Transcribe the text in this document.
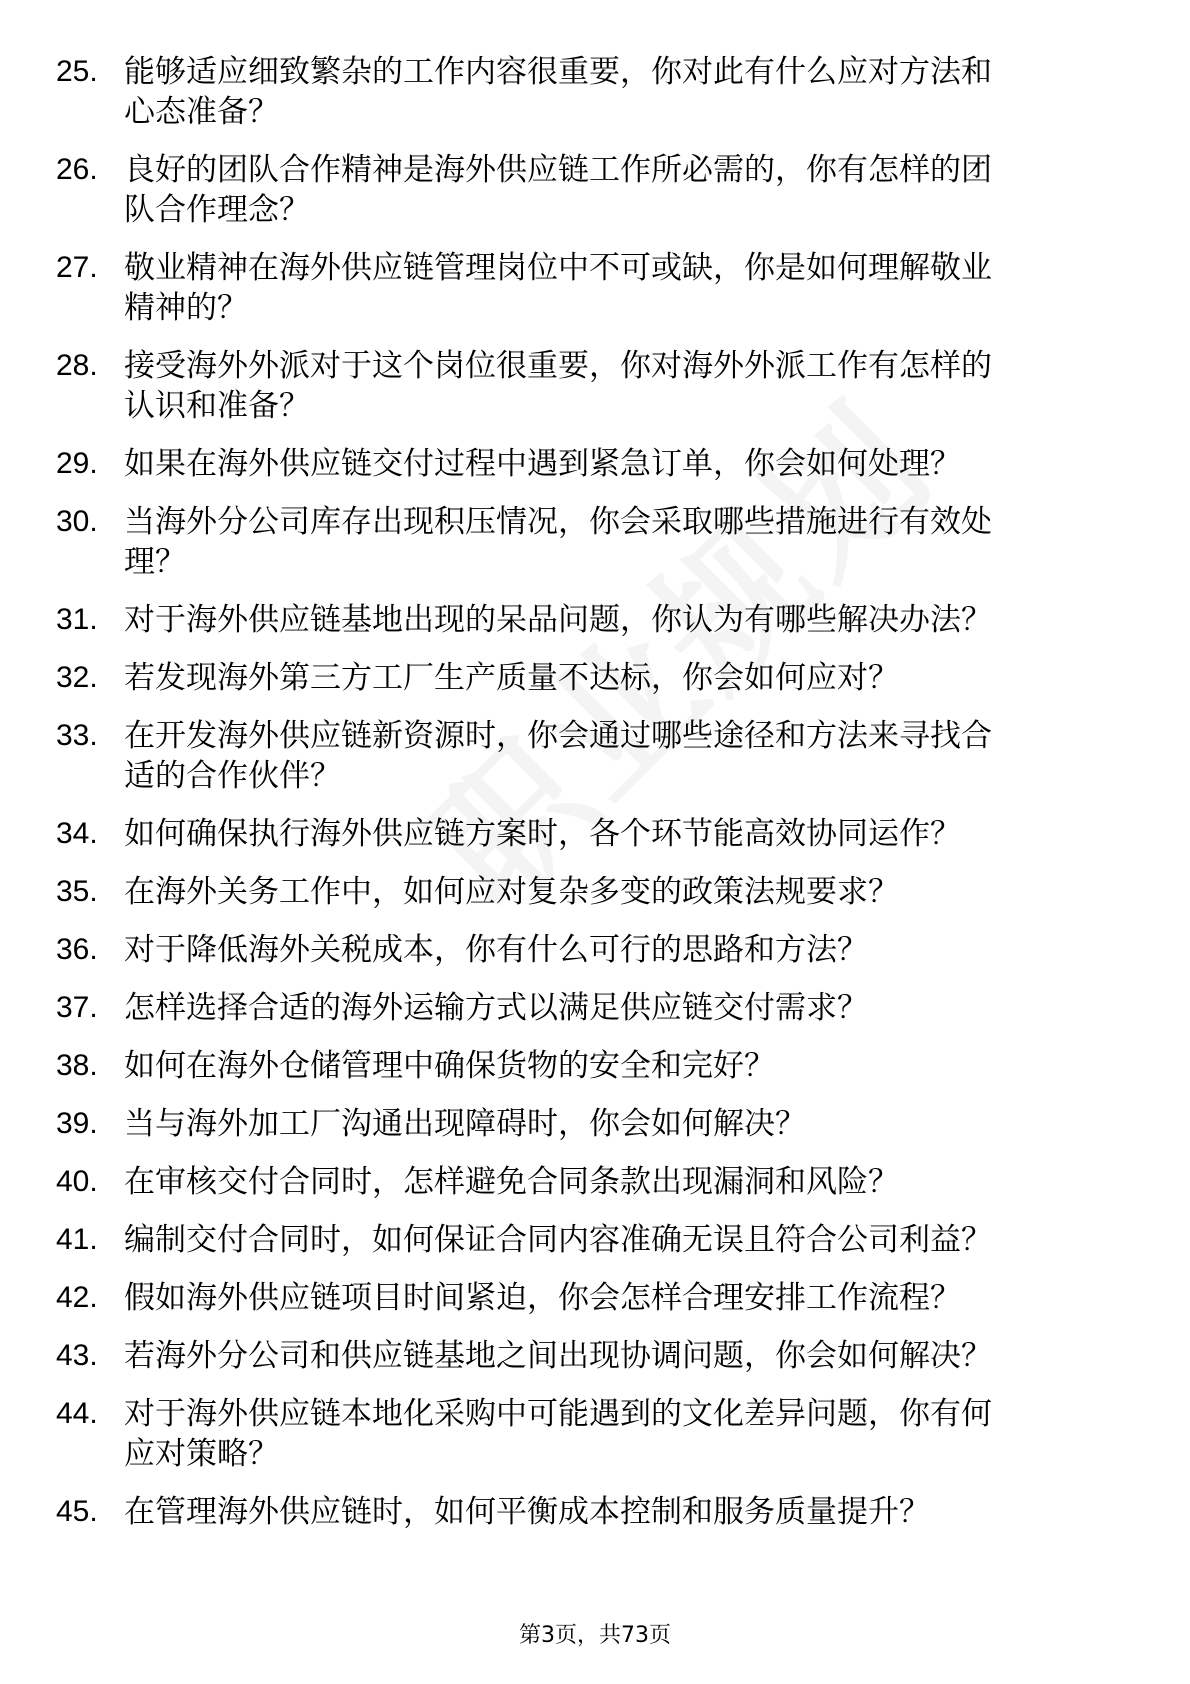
25. 能够适应细致繁杂的工作内容很重要，你对此有什么应对方法和
心态准备？
26. 良好的团队合作精神是海外供应链工作所必需的，你有怎样的团
队合作理念？
27. 敬业精神在海外供应链管理岗位中不可或缺，你是如何理解敬业
精神的？
28. 接受海外外派对于这个岗位很重要，你对海外外派工作有怎样的
认识和准备？
29. 如果在海外供应链交付过程中遇到紧急订单，你会如何处理？
30. 当海外分公司库存出现积压情况，你会采取哪些措施进行有效处
理？
31. 对于海外供应链基地出现的呆品问题，你认为有哪些解决办法？
32. 若发现海外第三方工厂生产质量不达标，你会如何应对？
33. 在开发海外供应链新资源时，你会通过哪些途径和方法来寻找合
适的合作伙伴？
34. 如何确保执行海外供应链方案时，各个环节能高效协同运作？
35. 在海外关务工作中，如何应对复杂多变的政策法规要求？
36. 对于降低海外关税成本，你有什么可行的思路和方法？
37. 怎样选择合适的海外运输方式以满足供应链交付需求？
38. 如何在海外仓储管理中确保货物的安全和完好？
39. 当与海外加工厂沟通出现障碍时，你会如何解决？
40. 在审核交付合同时，怎样避免合同条款出现漏洞和风险？
41. 编制交付合同时，如何保证合同内容准确无误且符合公司利益？
42. 假如海外供应链项目时间紧迫，你会怎样合理安排工作流程？
43. 若海外分公司和供应链基地之间出现协调问题，你会如何解决？
44. 对于海外供应链本地化采购中可能遇到的文化差异问题，你有何
应对策略？
45. 在管理海外供应链时，如何平衡成本控制和服务质量提升？
第3页，共73页
